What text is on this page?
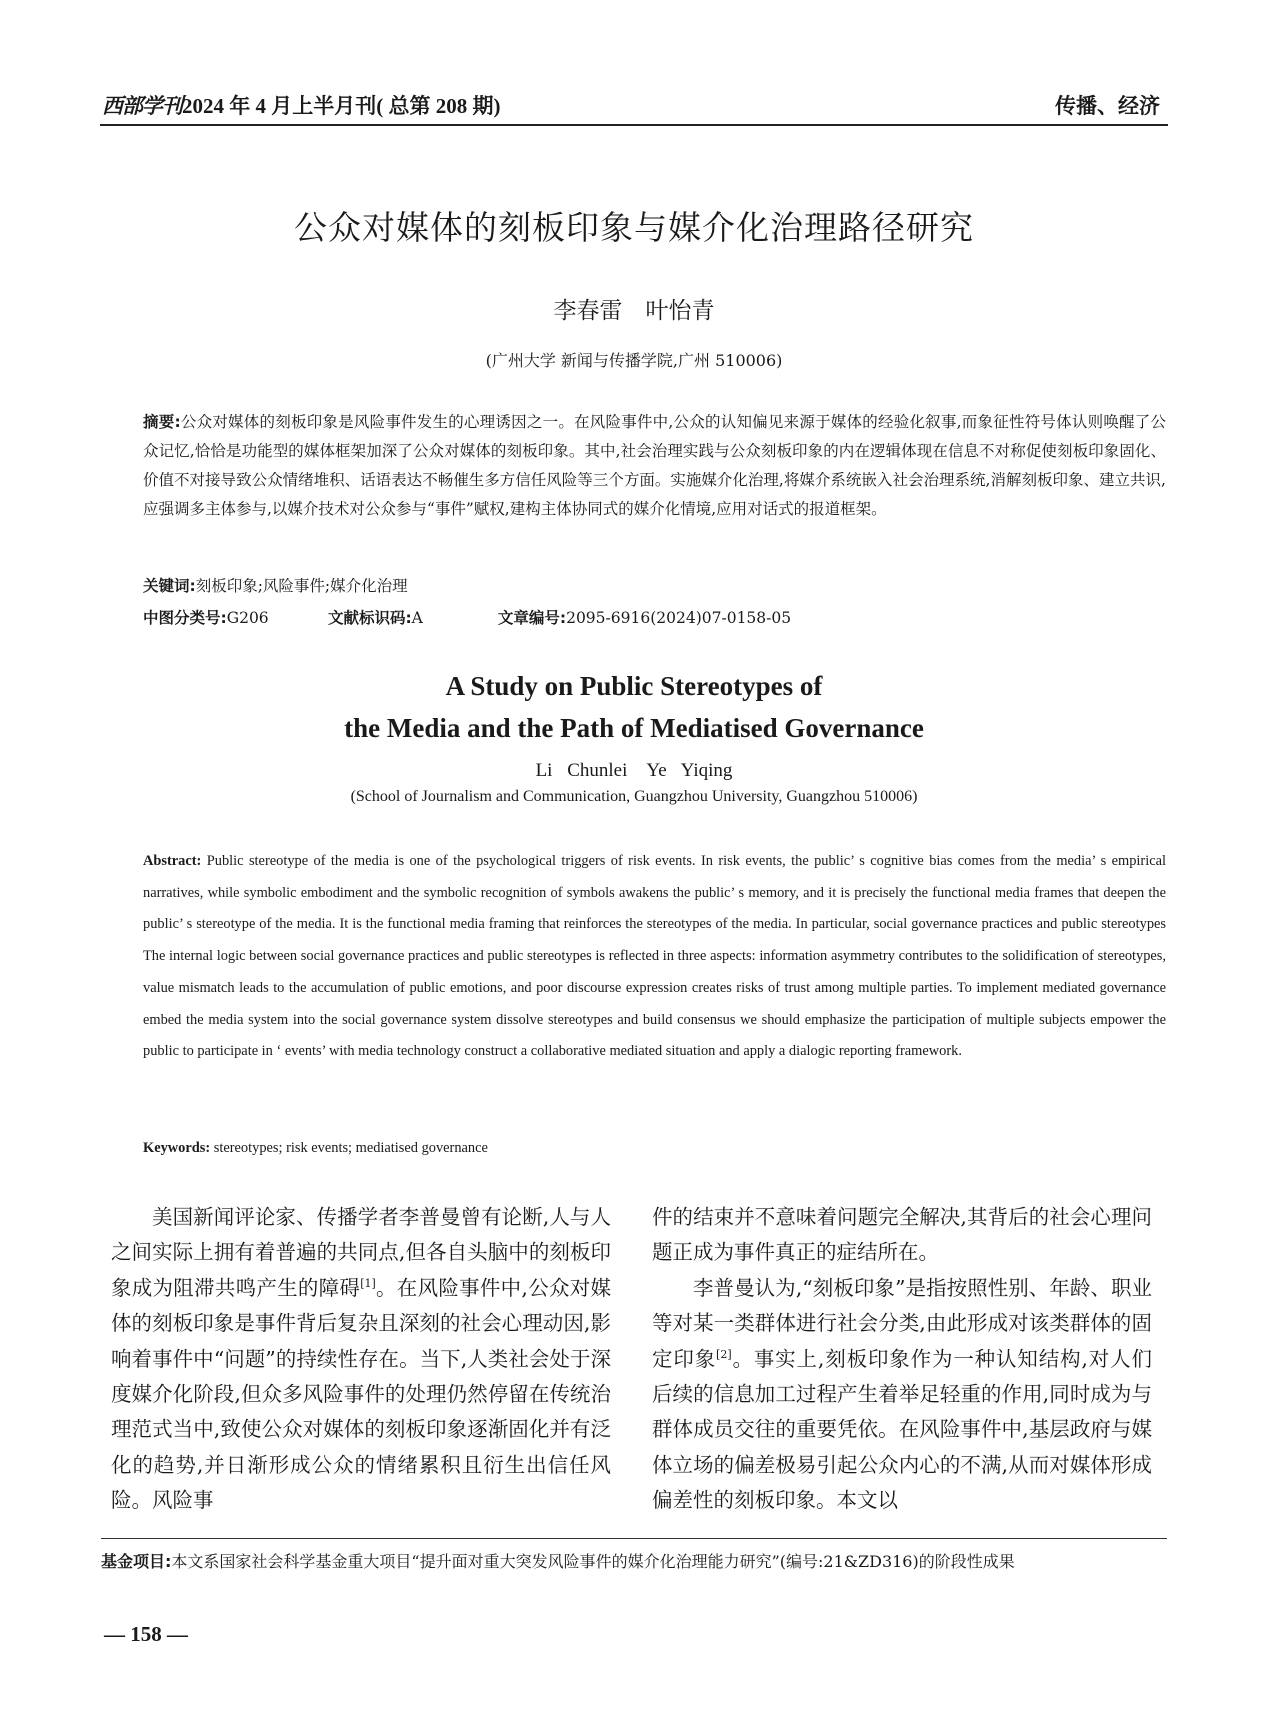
西部学刊2024 年 4 月上半月刊( 总第 208 期)	传播、经济
公众对媒体的刻板印象与媒介化治理路径研究
李春雷　叶怡青
(广州大学 新闻与传播学院,广州 510006)
摘要:公众对媒体的刻板印象是风险事件发生的心理诱因之一。在风险事件中,公众的认知偏见来源于媒体的经验化叙事,而象征性符号体认则唤醒了公众记忆,恰恰是功能型的媒体框架加深了公众对媒体的刻板印象。其中,社会治理实践与公众刻板印象的内在逻辑体现在信息不对称促使刻板印象固化、价值不对接导致公众情绪堆积、话语表达不畅催生多方信任风险等三个方面。实施媒介化治理,将媒介系统嵌入社会治理系统,消解刻板印象、建立共识,应强调多主体参与,以媒介技术对公众参与“事件”赋权,建构主体协同式的媒介化情境,应用对话式的报道框架。
关键词:刻板印象;风险事件;媒介化治理
中图分类号:G206	文献标识码:A	文章编号:2095-6916(2024)07-0158-05
A Study on Public Stereotypes of
the Media and the Path of Mediatised Governance
Li Chunlei　Ye Yiqing
(School of Journalism and Communication, Guangzhou University, Guangzhou 510006)
Abstract: Public stereotype of the media is one of the psychological triggers of risk events. In risk events, the public’ s cognitive bias comes from the media’ s empirical narratives, while symbolic embodiment and the symbolic recognition of symbols awakens the public’ s memory, and it is precisely the functional media frames that deepen the public’ s stereotype of the media. It is the functional media framing that reinforces the stereotypes of the media. In particular, social governance practices and public stereotypes The internal logic between social governance practices and public stereotypes is reflected in three aspects: information asymmetry contributes to the solidification of stereotypes, value mismatch leads to the accumulation of public emotions, and poor discourse expression creates risks of trust among multiple parties. To implement mediated governance embed the media system into the social governance system dissolve stereotypes and build consensus we should emphasize the participation of multiple subjects empower the public to participate in ‘ events’ with media technology construct a collaborative mediated situation and apply a dialogic reporting framework.
Keywords: stereotypes; risk events; mediatised governance

美国新闻评论家、传播学者李普曼曾有论断,人与人之间实际上拥有着普遍的共同点,但各自头脑中的刻板印象成为阻滞共鸣产生的障碍[1]。在风险事件中,公众对媒体的刻板印象是事件背后复杂且深刻的社会心理动因,影响着事件中“问题”的持续性存在。当下,人类社会处于深度媒介化阶段,但众多风险事件的处理仍然停留在传统治理范式当中,致使公众对媒体的刻板印象逐渐固化并有泛化的趋势,并日渐形成公众的情绪累积且衍生出信任风险。风险事

件的结束并不意味着问题完全解决,其背后的社会心理问题正成为事件真正的症结所在。

李普曼认为,“刻板印象”是指按照性别、年龄、职业等对某一类群体进行社会分类,由此形成对该类群体的固定印象[2]。事实上,刻板印象作为一种认知结构,对人们后续的信息加工过程产生着举足轻重的作用,同时成为与群体成员交往的重要凭依。在风险事件中,基层政府与媒体立场的偏差极易引起公众内心的不满,从而对媒体形成偏差性的刻板印象。本文以

基金项目:本文系国家社会科学基金重大项目“提升面对重大突发风险事件的媒介化治理能力研究”(编号:21&ZD316)的阶段性成果
— 158 —
